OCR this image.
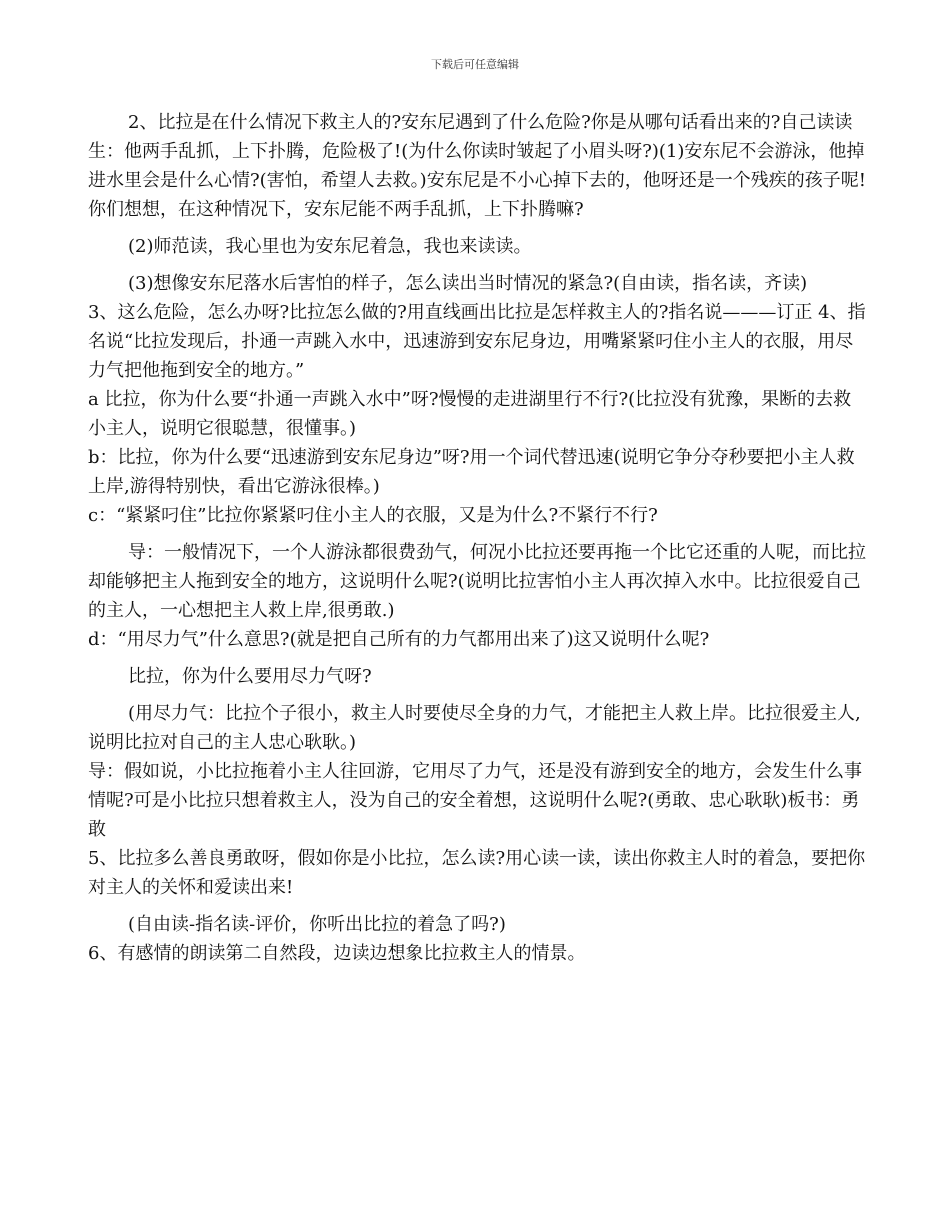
下载后可任意编辑

2、比拉是在什么情况下救主人的?安东尼遇到了什么危险?你是从哪句话看出来的?自己读读生：他两手乱抓，上下扑腾，危险极了!(为什么你读时皱起了小眉头呀?)(1)安东尼不会游泳，他掉进水里会是什么心情?(害怕，希望人去救。)安东尼是不小心掉下去的，他呀还是一个残疾的孩子呢!你们想想，在这种情况下，安东尼能不两手乱抓，上下扑腾嘛?

(2)师范读，我心里也为安东尼着急，我也来读读。

(3)想像安东尼落水后害怕的样子，怎么读出当时情况的紧急?(自由读，指名读，齐读)

3、这么危险，怎么办呀?比拉怎么做的?用直线画出比拉是怎样救主人的?指名说———订正 4、指名说“比拉发现后，扑通一声跳入水中，迅速游到安东尼身边，用嘴紧紧叼住小主人的衣服，用尽力气把他拖到安全的地方。”

a 比拉，你为什么要“扑通一声跳入水中”呀?慢慢的走进湖里行不行?(比拉没有犹豫，果断的去救小主人，说明它很聪慧，很懂事。)

b：比拉，你为什么要“迅速游到安东尼身边”呀?用一个词代替迅速(说明它争分夺秒要把小主人救上岸,游得特别快，看出它游泳很棒。)

c：“紧紧叼住”比拉你紧紧叼住小主人的衣服，又是为什么?不紧行不行?

导：一般情况下，一个人游泳都很费劲气，何况小比拉还要再拖一个比它还重的人呢，而比拉却能够把主人拖到安全的地方，这说明什么呢?(说明比拉害怕小主人再次掉入水中。比拉很爱自己的主人，一心想把主人救上岸,很勇敢.)

d：“用尽力气”什么意思?(就是把自己所有的力气都用出来了)这又说明什么呢?

比拉，你为什么要用尽力气呀?

(用尽力气：比拉个子很小，救主人时要使尽全身的力气，才能把主人救上岸。比拉很爱主人,说明比拉对自己的主人忠心耿耿。)

导：假如说，小比拉拖着小主人往回游，它用尽了力气，还是没有游到安全的地方，会发生什么事情呢?可是小比拉只想着救主人，没为自己的安全着想，这说明什么呢?(勇敢、忠心耿耿)板书：勇敢

5、比拉多么善良勇敢呀，假如你是小比拉，怎么读?用心读一读，读出你救主人时的着急，要把你对主人的关怀和爱读出来!

(自由读-指名读-评价，你听出比拉的着急了吗?)

6、有感情的朗读第二自然段，边读边想象比拉救主人的情景。
